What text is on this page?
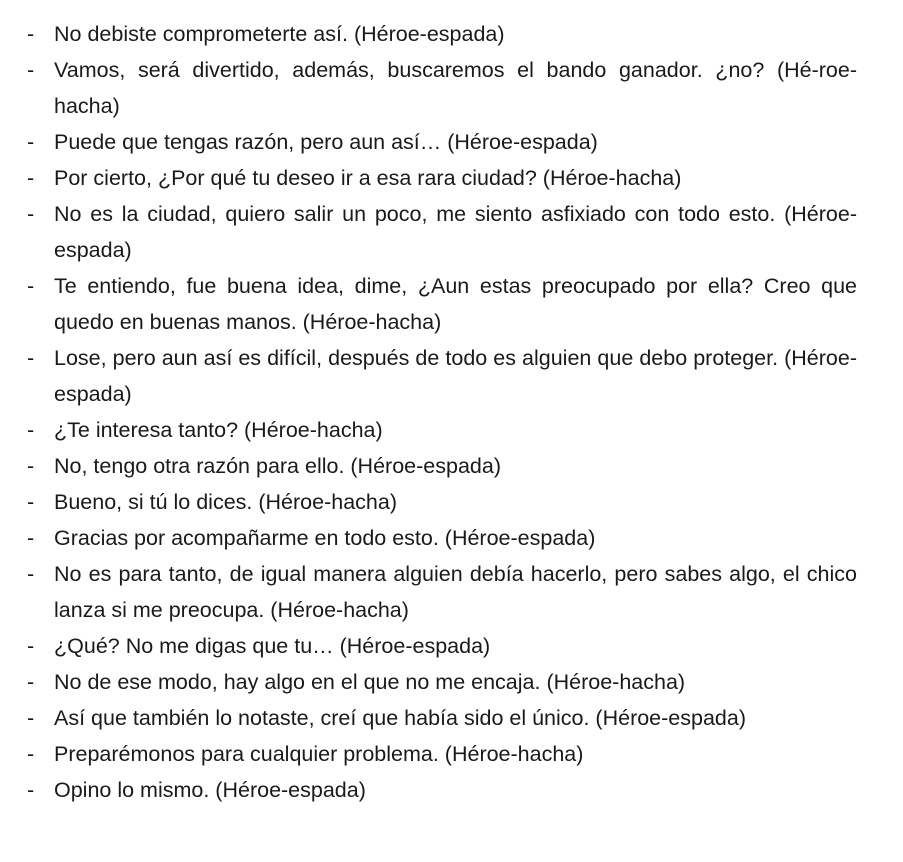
- No debiste comprometerte así. (Héroe-espada)
- Vamos, será divertido, además, buscaremos el bando ganador. ¿no? (Hé-roe-hacha)
- Puede que tengas razón, pero aun así… (Héroe-espada)
- Por cierto, ¿Por qué tu deseo ir a esa rara ciudad? (Héroe-hacha)
- No es la ciudad, quiero salir un poco, me siento asfixiado con todo esto. (Héroe-espada)
- Te entiendo, fue buena idea, dime, ¿Aun estas preocupado por ella? Creo que quedo en buenas manos. (Héroe-hacha)
- Lose, pero aun así es difícil, después de todo es alguien que debo proteger. (Héroe-espada)
- ¿Te interesa tanto? (Héroe-hacha)
- No, tengo otra razón para ello. (Héroe-espada)
- Bueno, si tú lo dices. (Héroe-hacha)
- Gracias por acompañarme en todo esto. (Héroe-espada)
- No es para tanto, de igual manera alguien debía hacerlo, pero sabes algo, el chico lanza si me preocupa. (Héroe-hacha)
- ¿Qué? No me digas que tu… (Héroe-espada)
- No de ese modo, hay algo en el que no me encaja. (Héroe-hacha)
- Así que también lo notaste, creí que había sido el único. (Héroe-espada)
- Preparémonos para cualquier problema. (Héroe-hacha)
- Opino lo mismo. (Héroe-espada)
